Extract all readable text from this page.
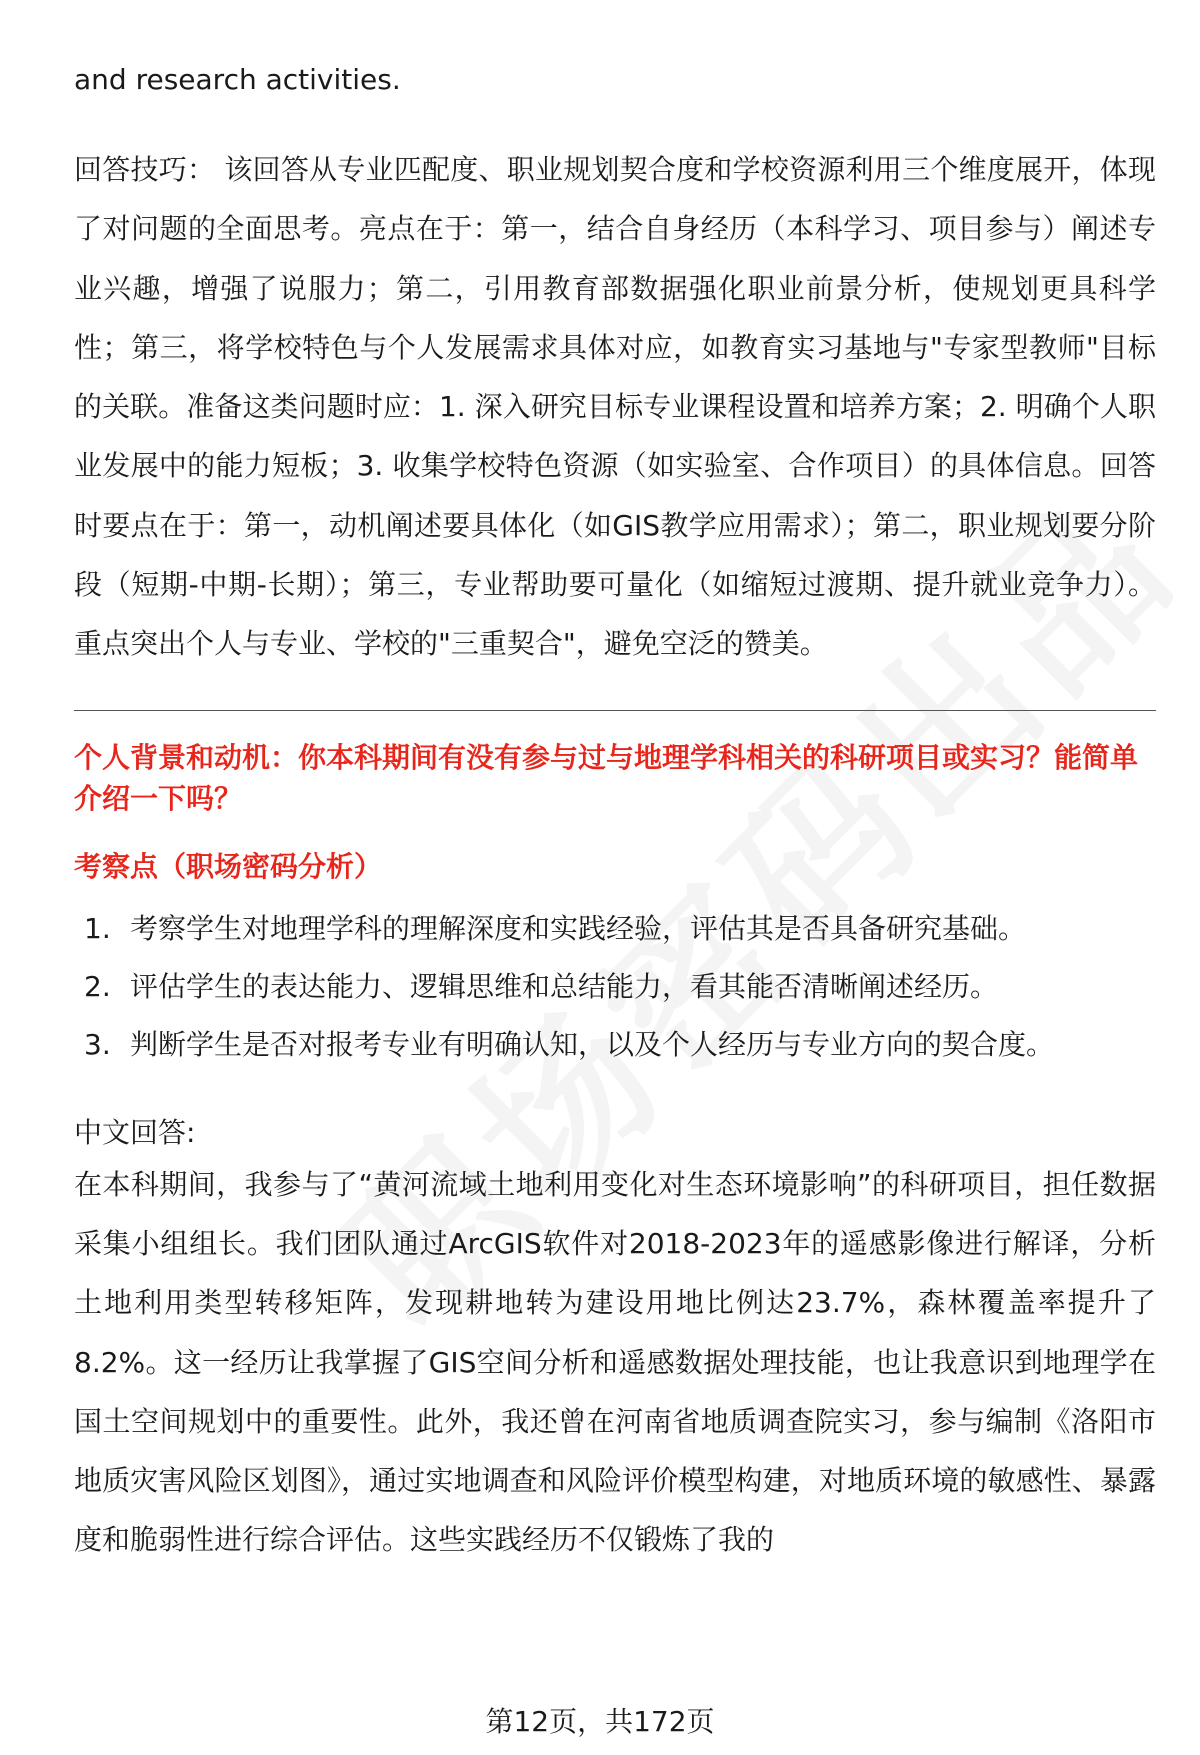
and research activities.

回答技巧： 该回答从专业匹配度、职业规划契合度和学校资源利用三个维度展开，体现了对问题的全面思考。亮点在于：第一，结合自身经历（本科学习、项目参与）阐述专业兴趣，增强了说服力；第二，引用教育部数据强化职业前景分析，使规划更具科学性；第三，将学校特色与个人发展需求具体对应，如教育实习基地与"专家型教师"目标的关联。准备这类问题时应：1. 深入研究目标专业课程设置和培养方案；2. 明确个人职业发展中的能力短板；3. 收集学校特色资源（如实验室、合作项目）的具体信息。回答时要点在于：第一，动机阐述要具体化（如GIS教学应用需求）；第二，职业规划要分阶段（短期-中期-长期）；第三，专业帮助要可量化（如缩短过渡期、提升就业竞争力）。重点突出个人与专业、学校的"三重契合"，避免空泛的赞美。

个人背景和动机：你本科期间有没有参与过与地理学科相关的科研项目或实习？能简单介绍一下吗？
考察点（职场密码分析）
1. 考察学生对地理学科的理解深度和实践经验，评估其是否具备研究基础。
2. 评估学生的表达能力、逻辑思维和总结能力，看其能否清晰阐述经历。
3. 判断学生是否对报考专业有明确认知，以及个人经历与专业方向的契合度。
中文回答:

在本科期间，我参与了“黄河流域土地利用变化对生态环境影响”的科研项目，担任数据采集小组组长。我们团队通过ArcGIS软件对2018-2023年的遥感影像进行解译，分析土地利用类型转移矩阵，发现耕地转为建设用地比例达23.7%，森林覆盖率提升了8.2%。这一经历让我掌握了GIS空间分析和遥感数据处理技能，也让我意识到地理学在国土空间规划中的重要性。此外，我还曾在河南省地质调查院实习，参与编制《洛阳市地质灾害风险区划图》，通过实地调查和风险评价模型构建，对地质环境的敏感性、暴露度和脆弱性进行综合评估。这些实践经历不仅锻炼了我的

第12页，共172页
